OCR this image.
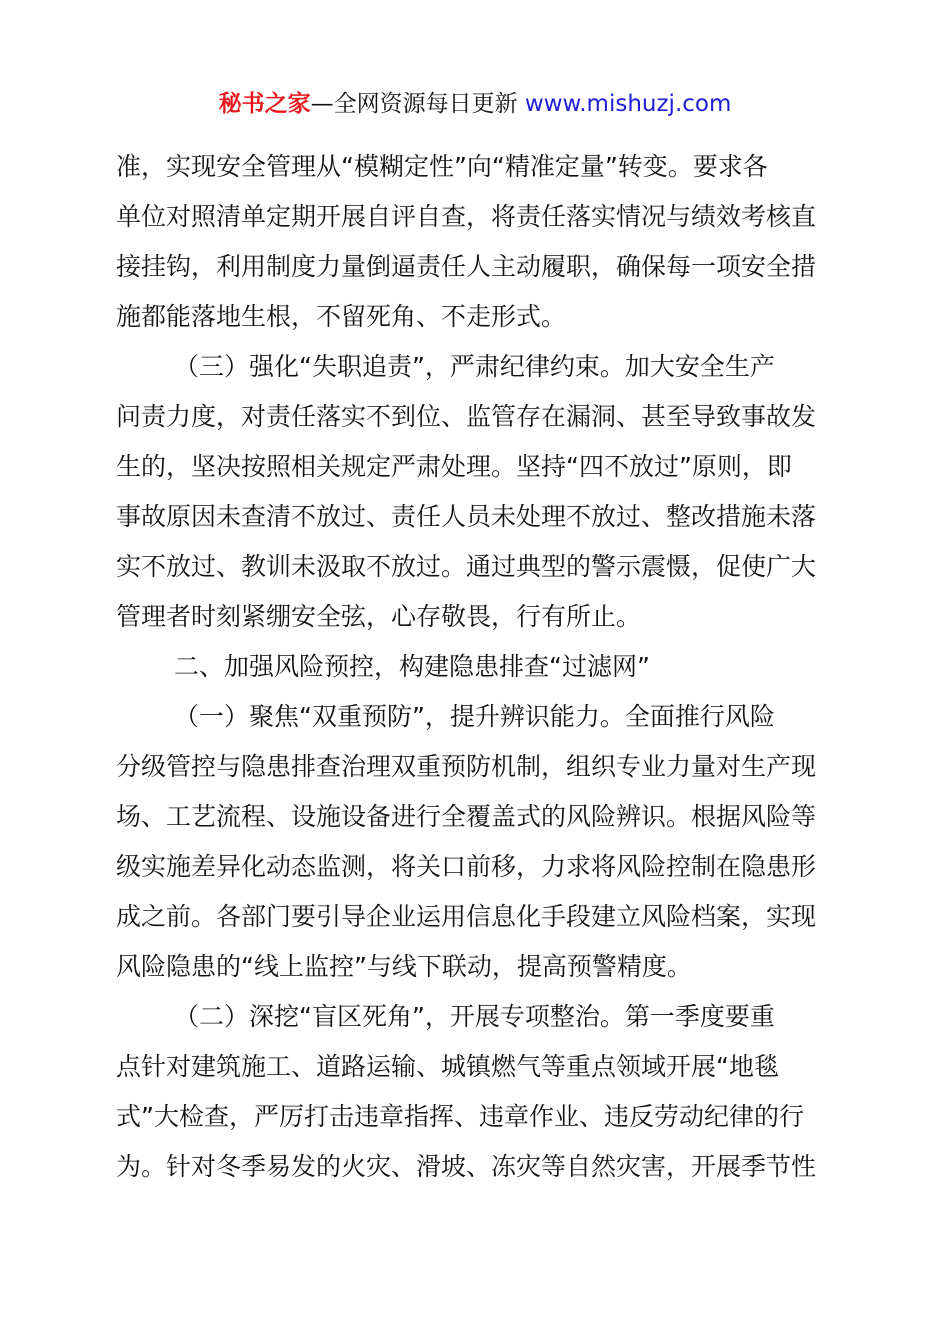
秘书之家—全网资源每日更新 www.mishuzj.com
准，实现安全管理从“模糊定性”向“精准定量”转变。要求各
单位对照清单定期开展自评自查，将责任落实情况与绩效考核直
接挂钩，利用制度力量倒逼责任人主动履职，确保每一项安全措
施都能落地生根，不留死角、不走形式。
（三）强化“失职追责”，严肃纪律约束。加大安全生产
问责力度，对责任落实不到位、监管存在漏洞、甚至导致事故发
生的，坚决按照相关规定严肃处理。坚持“四不放过”原则，即
事故原因未查清不放过、责任人员未处理不放过、整改措施未落
实不放过、教训未汲取不放过。通过典型的警示震慑，促使广大
管理者时刻紧绷安全弦，心存敬畏，行有所止。
二、加强风险预控，构建隐患排查“过滤网”
（一）聚焦“双重预防”，提升辨识能力。全面推行风险
分级管控与隐患排查治理双重预防机制，组织专业力量对生产现
场、工艺流程、设施设备进行全覆盖式的风险辨识。根据风险等
级实施差异化动态监测，将关口前移，力求将风险控制在隐患形
成之前。各部门要引导企业运用信息化手段建立风险档案，实现
风险隐患的“线上监控”与线下联动，提高预警精度。
（二）深挖“盲区死角”，开展专项整治。第一季度要重
点针对建筑施工、道路运输、城镇燃气等重点领域开展“地毯
式”大检查，严厉打击违章指挥、违章作业、违反劳动纪律的行
为。针对冬季易发的火灾、滑坡、冻灾等自然灾害，开展季节性
